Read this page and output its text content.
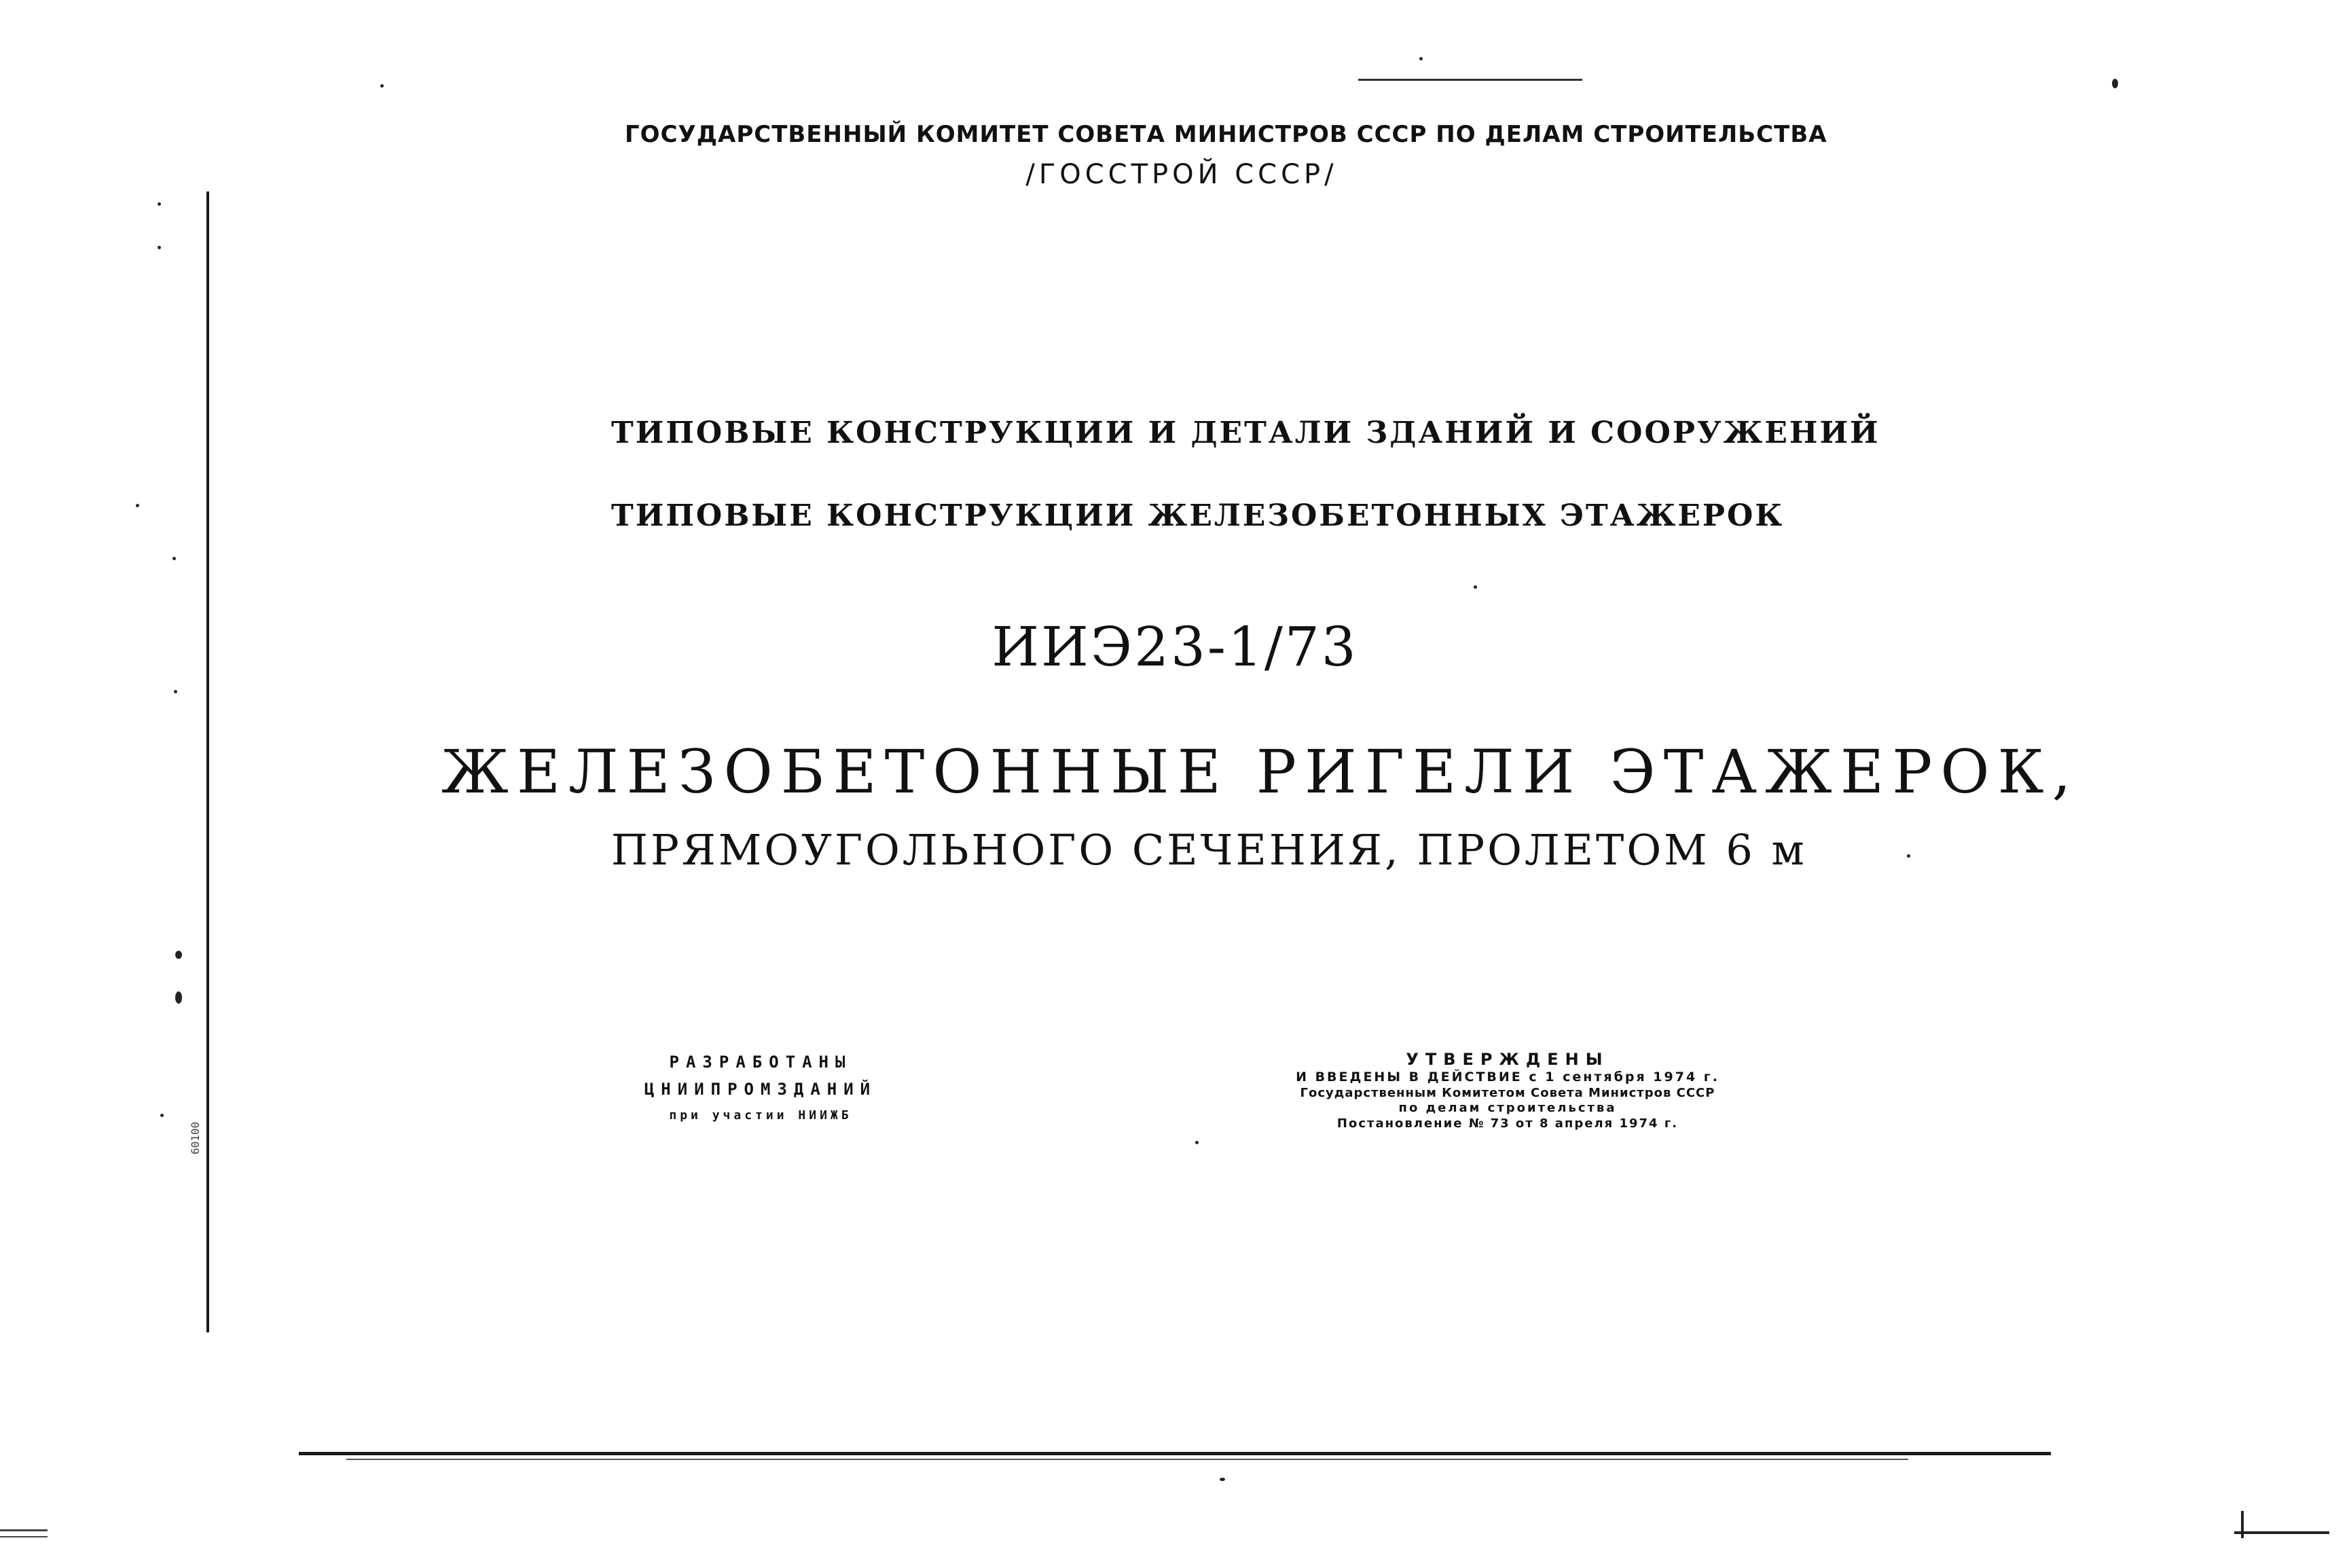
ГОСУДАРСТВЕННЫЙ КОМИТЕТ СОВЕТА МИНИСТРОВ СССР ПО ДЕЛАМ СТРОИТЕЛЬСТВА
/ГОССТРОЙ СССР/
ТИПОВЫЕ КОНСТРУКЦИИ И ДЕТАЛИ ЗДАНИЙ И СООРУЖЕНИЙ
ТИПОВЫЕ КОНСТРУКЦИИ ЖЕЛЕЗОБЕТОННЫХ ЭТАЖЕРОК
ИИЭ23-1/73
ЖЕЛЕЗОБЕТОННЫЕ РИГЕЛИ ЭТАЖЕРОК,
ПРЯМОУГОЛЬНОГО СЕЧЕНИЯ, ПРОЛЕТОМ 6 м
РАЗРАБОТАНЫ
ЦНИИПРОМЗДАНИЙ
при участии НИИЖБ
УТВЕРЖДЕНЫ
И ВВЕДЕНЫ В ДЕЙСТВИЕ с 1 сентября 1974 г.
Государственным Комитетом Совета Министров СССР
по делам строительства
Постановление № 73 от 8 апреля 1974 г.
60100
